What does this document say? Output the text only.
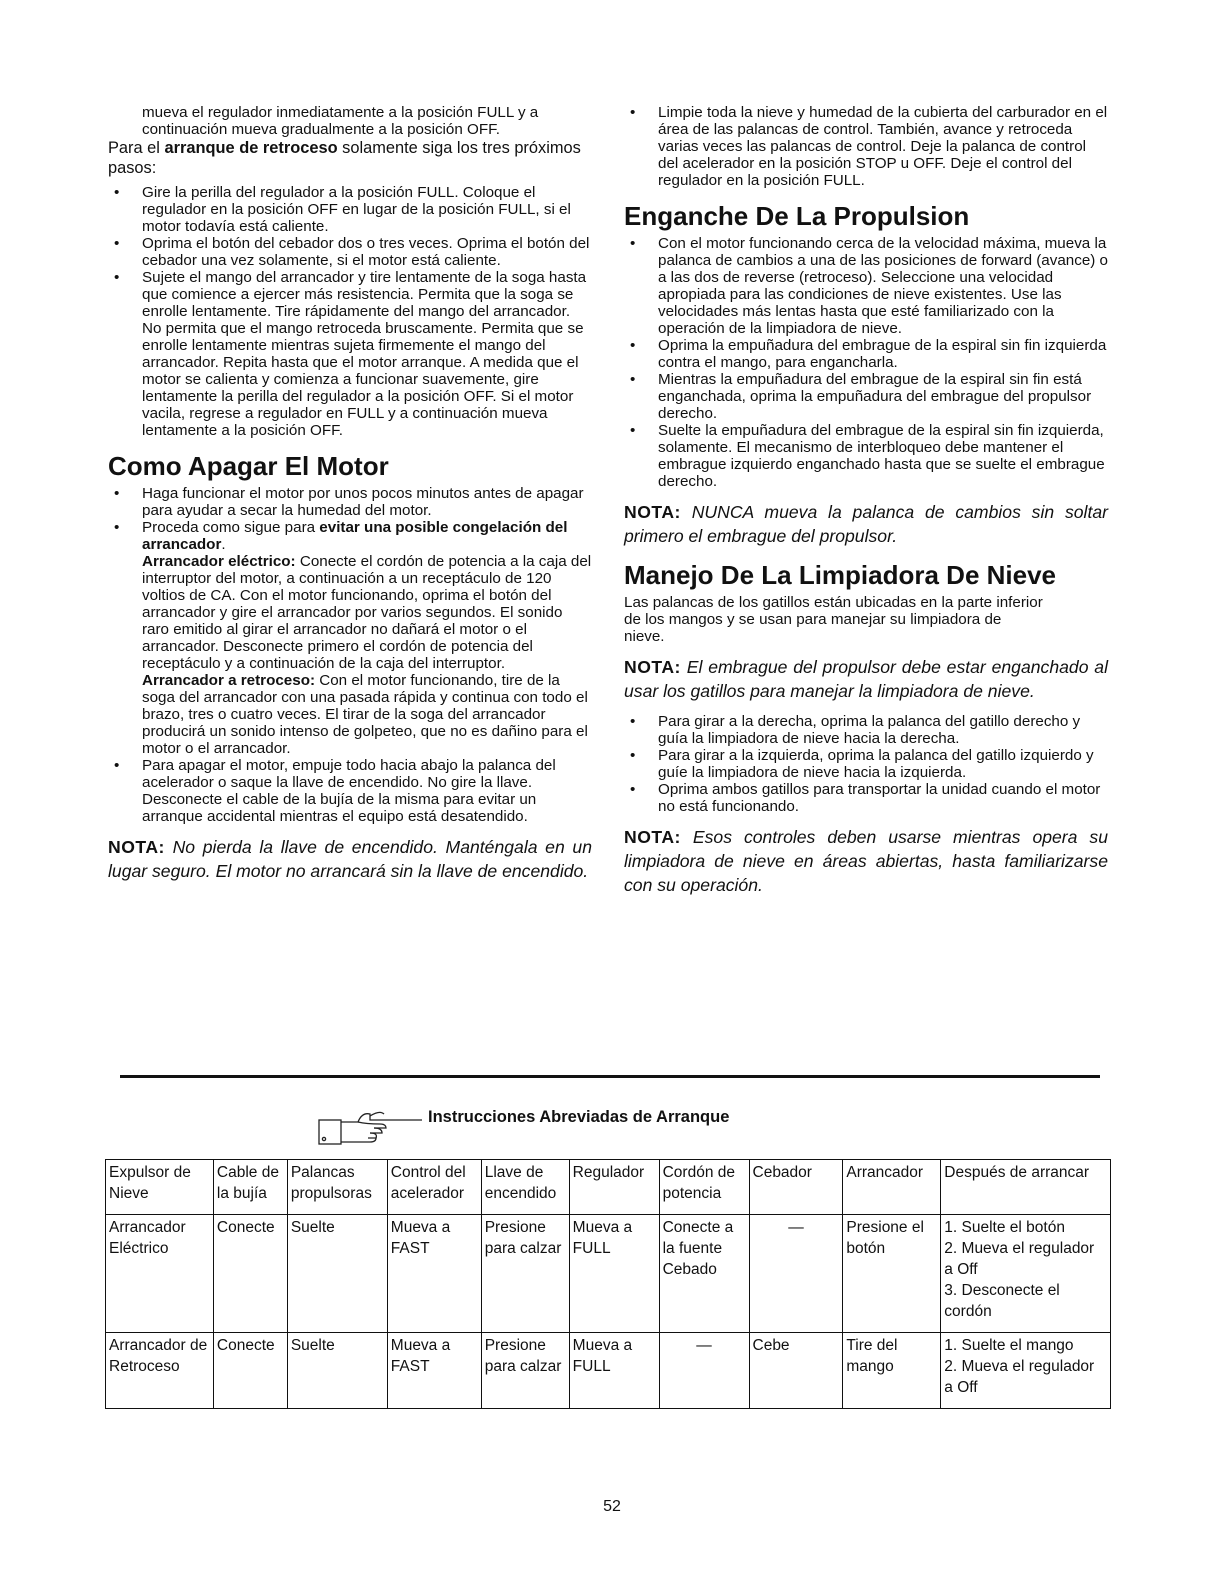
mueva el regulador inmediatamente a la posición FULL y a continuación mueva gradualmente a la posición OFF.

Para el arranque de retroceso solamente siga los tres próximos pasos:

• Gire la perilla del regulador a la posición FULL. Coloque el regulador en la posición OFF en lugar de la posición FULL, si el motor todavía está caliente.
• Oprima el botón del cebador dos o tres veces. Oprima el botón del cebador una vez solamente, si el motor está caliente.
• Sujete el mango del arrancador y tire lentamente de la soga hasta que comience a ejercer más resistencia. Permita que la soga se enrolle lentamente. Tire rápidamente del mango del arrancador. No permita que el mango retroceda bruscamente. Permita que se enrolle lentamente mientras sujeta firmemente el mango del arrancador. Repita hasta que el motor arranque. A medida que el motor se calienta y comienza a funcionar suavemente, gire lentamente la perilla del regulador a la posición OFF. Si el motor vacila, regrese a regulador en FULL y a continuación mueva lentamente a la posición OFF.
Como Apagar El Motor
• Haga funcionar el motor por unos pocos minutos antes de apagar para ayudar a secar la humedad del motor.
• Proceda como sigue para evitar una posible congelación del arrancador.
Arrancador eléctrico: Conecte el cordón de potencia a la caja del interruptor del motor, a continuación a un receptáculo de 120 voltios de CA. Con el motor funcionando, oprima el botón del arrancador y gire el arrancador por varios segundos. El sonido raro emitido al girar el arrancador no dañará el motor o el arrancador. Desconecte primero el cordón de potencia del receptáculo y a continuación de la caja del interruptor.
Arrancador a retroceso: Con el motor funcionando, tire de la soga del arrancador con una pasada rápida y continua con todo el brazo, tres o cuatro veces. El tirar de la soga del arrancador producirá un sonido intenso de golpeteo, que no es dañino para el motor o el arrancador.
• Para apagar el motor, empuje todo hacia abajo la palanca del acelerador o saque la llave de encendido. No gire la llave. Desconecte el cable de la bujía de la misma para evitar un arranque accidental mientras el equipo está desatendido.

NOTA: No pierda la llave de encendido. Manténgala en un lugar seguro. El motor no arrancará sin la llave de encendido.

• Limpie toda la nieve y humedad de la cubierta del carburador en el área de las palancas de control. También, avance y retroceda varias veces las palancas de control. Deje la palanca de control del acelerador en la posición STOP u OFF. Deje el control del regulador en la posición FULL.
Enganche De La Propulsion
• Con el motor funcionando cerca de la velocidad máxima, mueva la palanca de cambios a una de las posiciones de forward (avance) o a las dos de reverse (retroceso). Seleccione una velocidad apropiada para las condiciones de nieve existentes. Use las velocidades más lentas hasta que esté familiarizado con la operación de la limpiadora de nieve.
• Oprima la empuñadura del embrague de la espiral sin fin izquierda contra el mango, para engancharla.
• Mientras la empuñadura del embrague de la espiral sin fin está enganchada, oprima la empuñadura del embrague del propulsor derecho.
• Suelte la empuñadura del embrague de la espiral sin fin izquierda, solamente. El mecanismo de interbloqueo debe mantener el embrague izquierdo enganchado hasta que se suelte el embrague derecho.

NOTA: NUNCA mueva la palanca de cambios sin soltar primero el embrague del propulsor.

Manejo De La Limpiadora De Nieve

Las palancas de los gatillos están ubicadas en la parte inferior de los mangos y se usan para manejar su limpiadora de nieve.

NOTA: El embrague del propulsor debe estar enganchado al usar los gatillos para manejar la limpiadora de nieve.

• Para girar a la derecha, oprima la palanca del gatillo derecho y guía la limpiadora de nieve hacia la derecha.
• Para girar a la izquierda, oprima la palanca del gatillo izquierdo y guíe la limpiadora de nieve hacia la izquierda.
• Oprima ambos gatillos para transportar la unidad cuando el motor no está funcionando.

NOTA: Esos controles deben usarse mientras opera su limpiadora de nieve en áreas abiertas, hasta familiarizarse con su operación.

Instrucciones Abreviadas de Arranque
Expulsor de Nieve	Cable de la bujía	Palancas propulsoras	Control del acelerador	Llave de encendido	Regulador	Cordón de potencia	Cebador	Arrancador	Después de arrancar
Arrancador Eléctrico	Conecte	Suelte	Mueva a FAST	Presione para calzar	Mueva a FULL	Conecte a la fuente Cebado	—	Presione el botón	1. Suelte el botón
2. Mueva el regulador a Off
3. Desconecte el cordón
Arrancador de Retroceso	Conecte	Suelte	Mueva a FAST	Presione para calzar	Mueva a FULL	—	Cebe	Tire del mango	1. Suelte el mango
2. Mueva el regulador a Off
52
